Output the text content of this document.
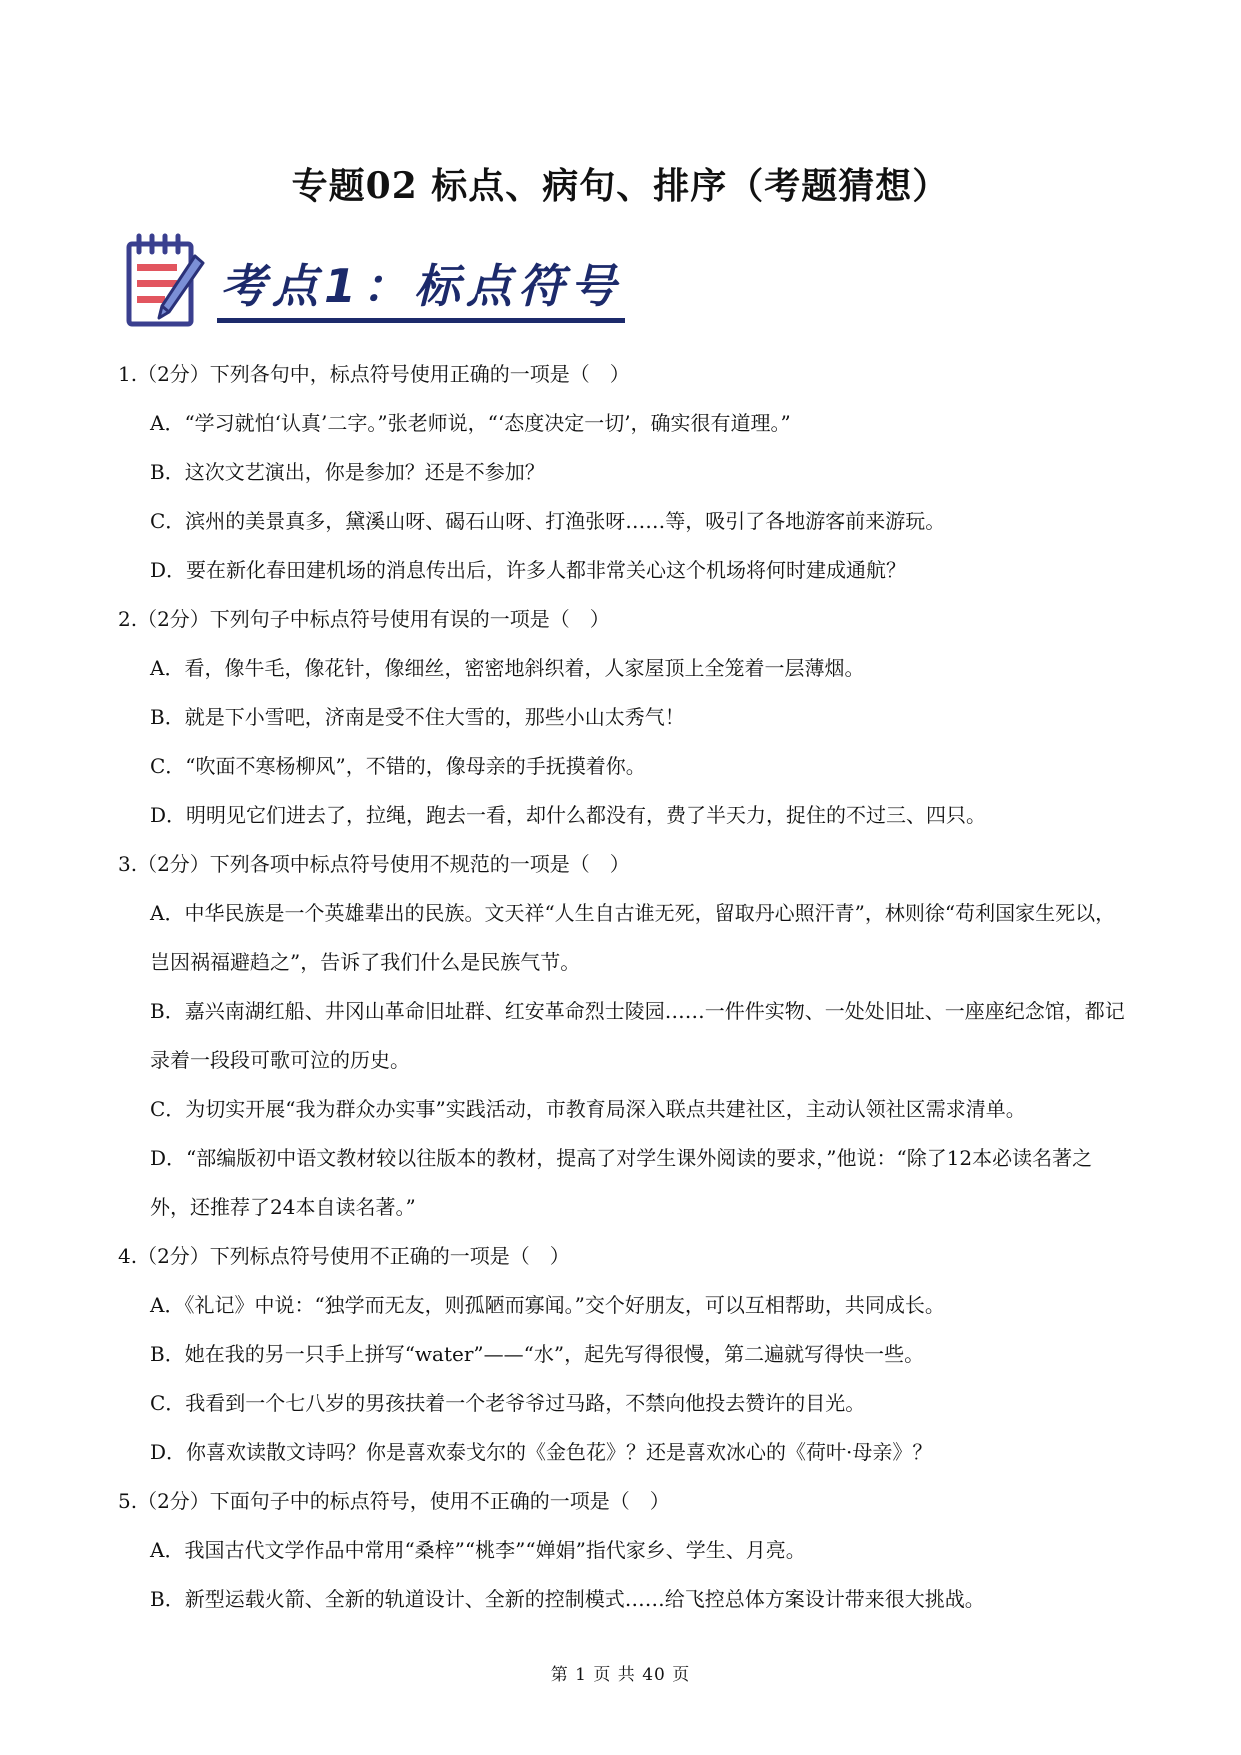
专题02 标点、病句、排序（考题猜想）
考点1：标点符号
1.（2分）下列各句中，标点符号使用正确的一项是（　）
A．“学习就怕‘认真’二字。”张老师说，“‘态度决定一切’，确实很有道理。”
B．这次文艺演出，你是参加？还是不参加？
C．滨州的美景真多，黛溪山呀、碣石山呀、打渔张呀……等，吸引了各地游客前来游玩。
D．要在新化春田建机场的消息传出后，许多人都非常关心这个机场将何时建成通航？
2.（2分）下列句子中标点符号使用有误的一项是（　）
A．看，像牛毛，像花针，像细丝，密密地斜织着，人家屋顶上全笼着一层薄烟。
B．就是下小雪吧，济南是受不住大雪的，那些小山太秀气！
C．“吹面不寒杨柳风”，不错的，像母亲的手抚摸着你。
D．明明见它们进去了，拉绳，跑去一看，却什么都没有，费了半天力，捉住的不过三、四只。
3.（2分）下列各项中标点符号使用不规范的一项是（　）
A．中华民族是一个英雄辈出的民族。文天祥“人生自古谁无死，留取丹心照汗青”，林则徐“苟利国家生死以，岂因祸福避趋之”，告诉了我们什么是民族气节。
B．嘉兴南湖红船、井冈山革命旧址群、红安革命烈士陵园……一件件实物、一处处旧址、一座座纪念馆，都记录着一段段可歌可泣的历史。
C．为切实开展“我为群众办实事”实践活动，市教育局深入联点共建社区，主动认领社区需求清单。
D．“部编版初中语文教材较以往版本的教材，提高了对学生课外阅读的要求，”他说：“除了12本必读名著之外，还推荐了24本自读名著。”
4.（2分）下列标点符号使用不正确的一项是（　）
A．《礼记》中说：“独学而无友，则孤陋而寡闻。”交个好朋友，可以互相帮助，共同成长。
B．她在我的另一只手上拼写“water”——“水”，起先写得很慢，第二遍就写得快一些。
C．我看到一个七八岁的男孩扶着一个老爷爷过马路，不禁向他投去赞许的目光。
D．你喜欢读散文诗吗？你是喜欢泰戈尔的《金色花》？还是喜欢冰心的《荷叶·母亲》？
5.（2分）下面句子中的标点符号，使用不正确的一项是（　）
A．我国古代文学作品中常用“桑梓”“桃李”“婵娟”指代家乡、学生、月亮。
B．新型运载火箭、全新的轨道设计、全新的控制模式……给飞控总体方案设计带来很大挑战。
第 1 页 共 40 页
